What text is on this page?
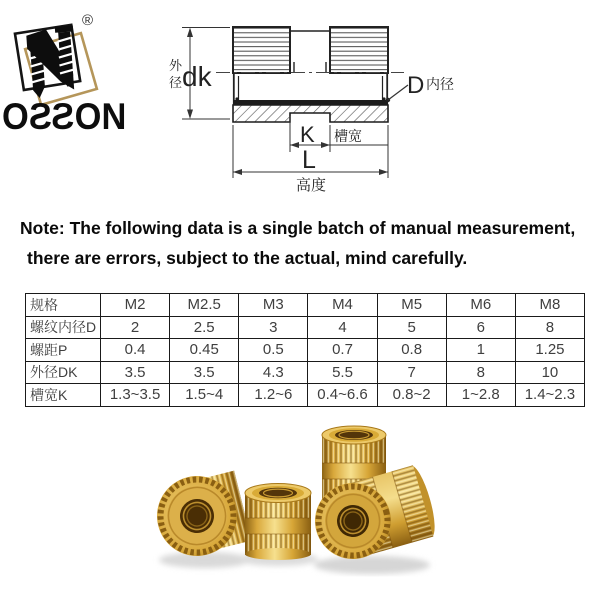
®
OSSON
外径 dk	D 内径
K 槽宽
L
高度
Note: The following data is a single batch of manual measurement,
there are errors, subject to the actual, mind carefully.
规格	M2	M2.5	M3	M4	M5	M6	M8
螺纹内径D	2	2.5	3	4	5	6	8
螺距P	0.4	0.45	0.5	0.7	0.8	1	1.25
外径DK	3.5	3.5	4.3	5.5	7	8	10
槽宽K	1.3~3.5	1.5~4	1.2~6	0.4~6.6	0.8~2	1~2.8	1.4~2.3
